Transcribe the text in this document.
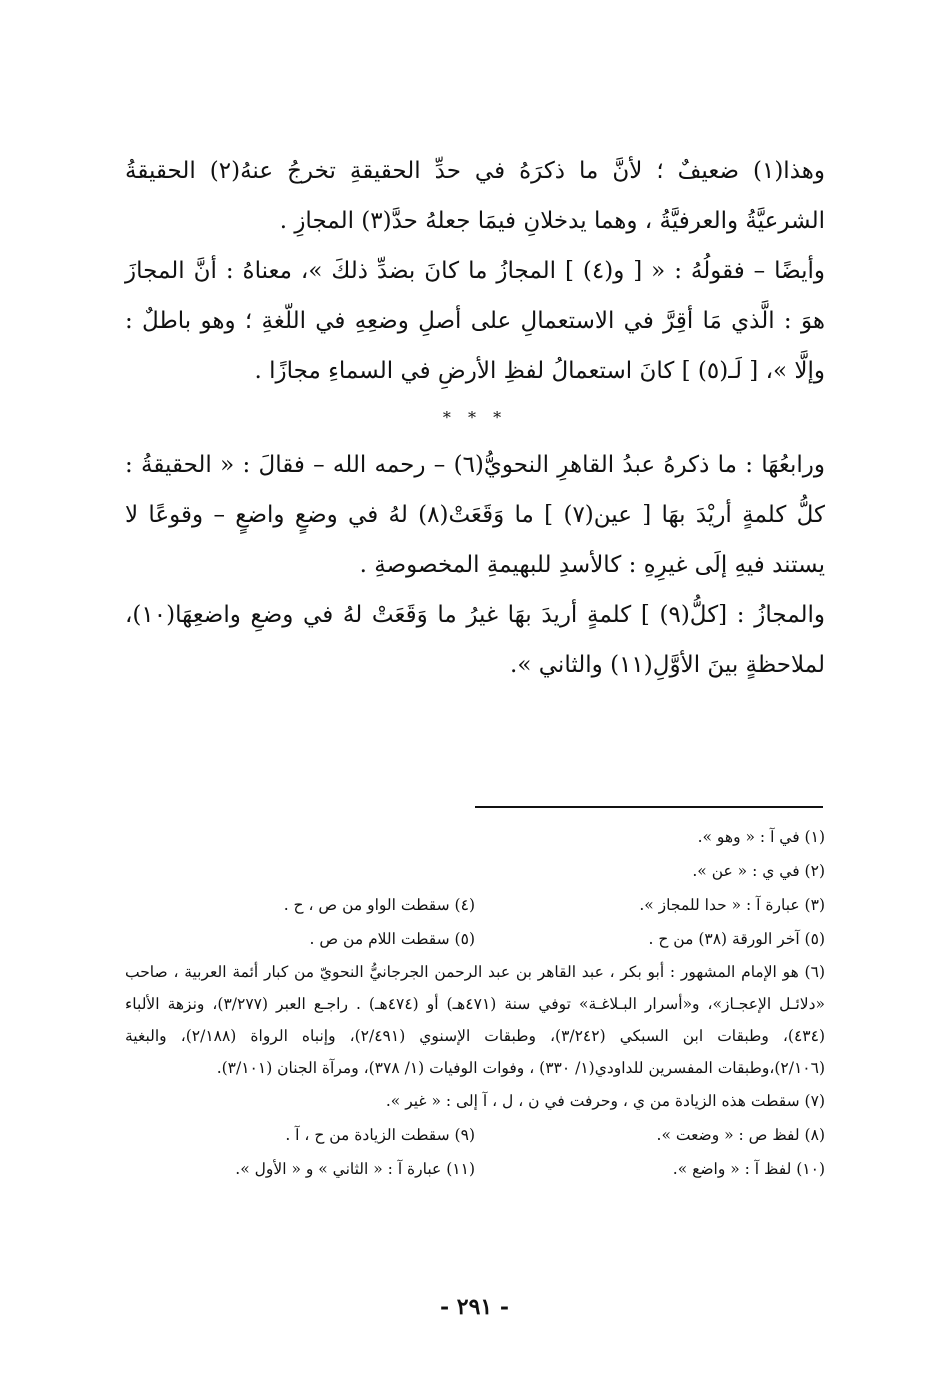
وهذا(١) ضعيفٌ ؛ لأنَّ ما ذكرَهُ في حدِّ الحقيقةِ تخرجُ عنهُ(٢) الحقيقةُ الشرعيَّةُ والعرفيَّةُ ، وهما يدخلانِ فيمَا جعلهُ حدَّ(٣) المجازِ .

وأيضًا – فقولُهُ : « [ و(٤) ] المجازُ ما كانَ بضدِّ ذلكَ »، معناهُ : أنَّ المجازَ هوَ : الَّذي مَا أقِرَّ في الاستعمالِ على أصلِ وضعِهِ في اللّغةِ ؛ وهو باطلٌ : وإلَّا »، [ لَـ(٥) ] كانَ استعمالُ لفظِ الأرضِ في السماءِ مجازًا .

* * *

ورابعُهَا : ما ذكرهُ عبدُ القاهرِ النحويُّ(٦) – رحمه الله – فقالَ : « الحقيقةُ : كلُّ كلمةٍ أريْدَ بهَا [ عين(٧) ] ما وَقَعَتْ(٨) لهُ في وضعٍ واضعٍ – وقوعًا لا يستند فيهِ إلَى غيرِهِ : كالأسدِ للبهيمةِ المخصوصةِ .

والمجازُ : [كلُّ(٩) ] كلمةٍ أريدَ بهَا غيرُ ما وَقَعَتْ لهُ في وضعِ واضعِهَا(١٠)، لملاحظةٍ بينَ الأوَّلِ(١١) والثاني ».

(١) في آ : « وهو ».

(٢) في ي : « عن ».

(٣) عبارة آ : « حدا للمجاز ».
(٤) سقطت الواو من ص ، ح .
(٥) آخر الورقة (٣٨) من ح .
(٥) سقطت اللام من ص .

(٦) هو الإمام المشهور : أبو بكر ، عبد القاهر بن عبد الرحمن الجرجانيُّ النحويّ من كبار أئمة العربية ، صاحب «دلائـل الإعجـاز»، و«أسرار البـلاغـة» توفي سنة (٤٧١هـ) أو (٤٧٤هـ) . راجـع العبر (٣/٢٧٧)، ونزهة الألباء (٤٣٤)، وطبقات ابن السبكي (٣/٢٤٢)، وطبقات الإسنوي (٢/٤٩١)، وإنباه الرواة (٢/١٨٨)، والبغية (٢/١٠٦)،وطبقات المفسرين للداودي(١/ ٣٣٠) ، وفوات الوفيات (١/ ٣٧٨)، ومرآة الجنان (٣/١٠١).

(٧) سقطت هذه الزيادة من ي ، وحرفت في ن ، ل ، آ إلى : « غير ».

(٨) لفظ ص : « وضعت ».
(٩) سقطت الزيادة من ح ، آ .
(١٠) لفظ آ : « واضع ».
(١١) عبارة آ : « الثاني » و « الأول ».
- ٢٩١ -
